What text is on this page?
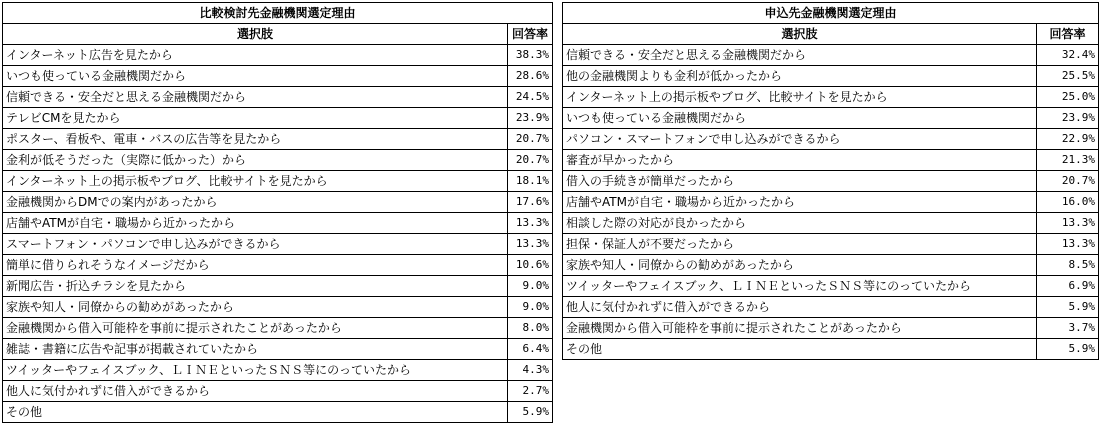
比較検討先金融機関選定理由	
選択肢	回答率
インターネット広告を見たから	38.3%
いつも使っている金融機関だから	28.6%
信頼できる・安全だと思える金融機関だから	24.5%
テレビCMを見たから	23.9%
ポスター、看板や、電車・バスの広告等を見たから	20.7%
金利が低そうだった（実際に低かった）から	20.7%
インターネット上の掲示板やブログ、比較サイトを見たから	18.1%
金融機関からDMでの案内があったから	17.6%
店舗やATMが自宅・職場から近かったから	13.3%
スマートフォン・パソコンで申し込みができるから	13.3%
簡単に借りられそうなイメージだから	10.6%
新聞広告・折込チラシを見たから	9.0%
家族や知人・同僚からの勧めがあったから	9.0%
金融機関から借入可能枠を事前に提示されたことがあったから	8.0%
雑誌・書籍に広告や記事が掲載されていたから	6.4%
ツイッターやフェイスブック、ＬＩＮＥといったＳＮＳ等にのっていたから	4.3%
他人に気付かれずに借入ができるから	2.7%
その他	5.9%
申込先金融機関選定理由	
選択肢	回答率
信頼できる・安全だと思える金融機関だから	32.4%
他の金融機関よりも金利が低かったから	25.5%
インターネット上の掲示板やブログ、比較サイトを見たから	25.0%
いつも使っている金融機関だから	23.9%
パソコン・スマートフォンで申し込みができるから	22.9%
審査が早かったから	21.3%
借入の手続きが簡単だったから	20.7%
店舗やATMが自宅・職場から近かったから	16.0%
相談した際の対応が良かったから	13.3%
担保・保証人が不要だったから	13.3%
家族や知人・同僚からの勧めがあったから	8.5%
ツイッターやフェイスブック、ＬＩＮＥといったＳＮＳ等にのっていたから	6.9%
他人に気付かれずに借入ができるから	5.9%
金融機関から借入可能枠を事前に提示されたことがあったから	3.7%
その他	5.9%
